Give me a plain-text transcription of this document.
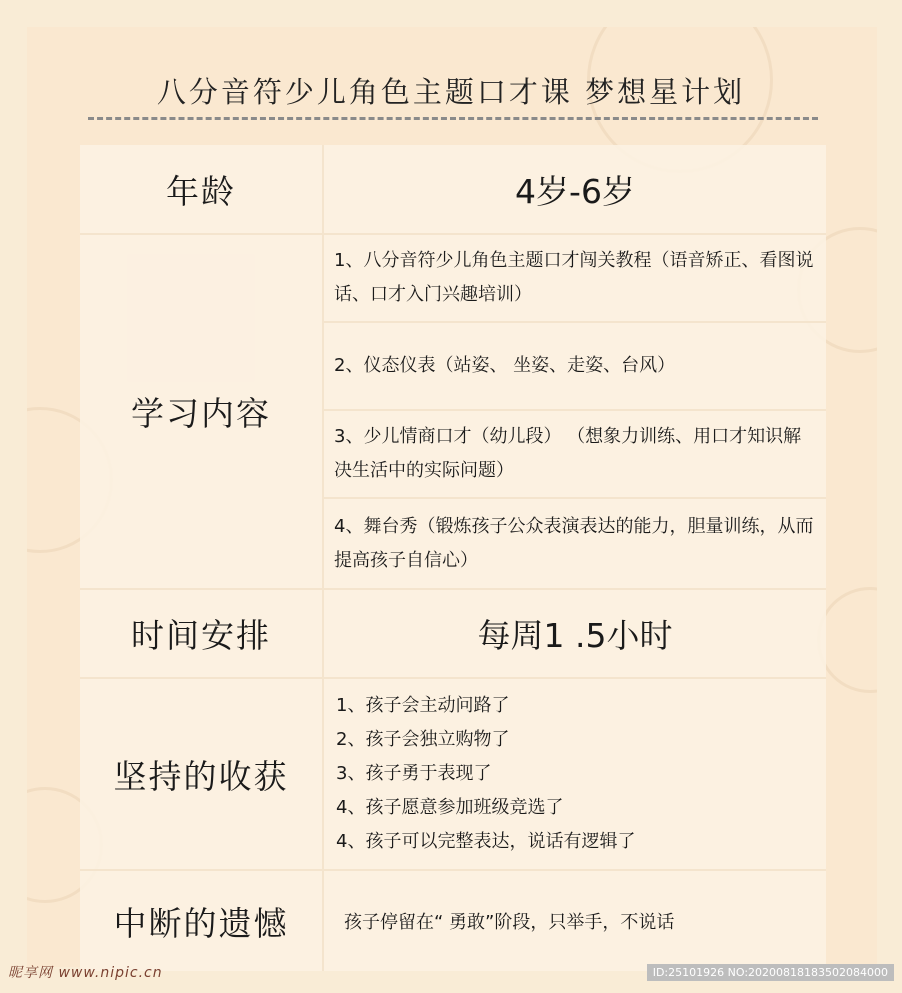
八分音符少儿角色主题口才课 梦想星计划
年龄	4岁-6岁
学习内容
1、八分音符少儿角色主题口才闯关教程（语音矫正、看图说话、口才入门兴趣培训）
2、仪态仪表（站姿、 坐姿、走姿、台风）
3、少儿情商口才（幼儿段） （想象力训练、用口才知识解决生活中的实际问题）
4、舞台秀（锻炼孩子公众表演表达的能力，胆量训练，从而提高孩子自信心）
时间安排	每周1 .5小时
坚持的收获
1、孩子会主动问路了
2、孩子会独立购物了
3、孩子勇于表现了
4、孩子愿意参加班级竞选了
4、孩子可以完整表达，说话有逻辑了
中断的遗憾	孩子停留在“ 勇敢”阶段，只举手，不说话
昵享网 www.nipic.cn	ID:25101926 NO:20200818183502084000
